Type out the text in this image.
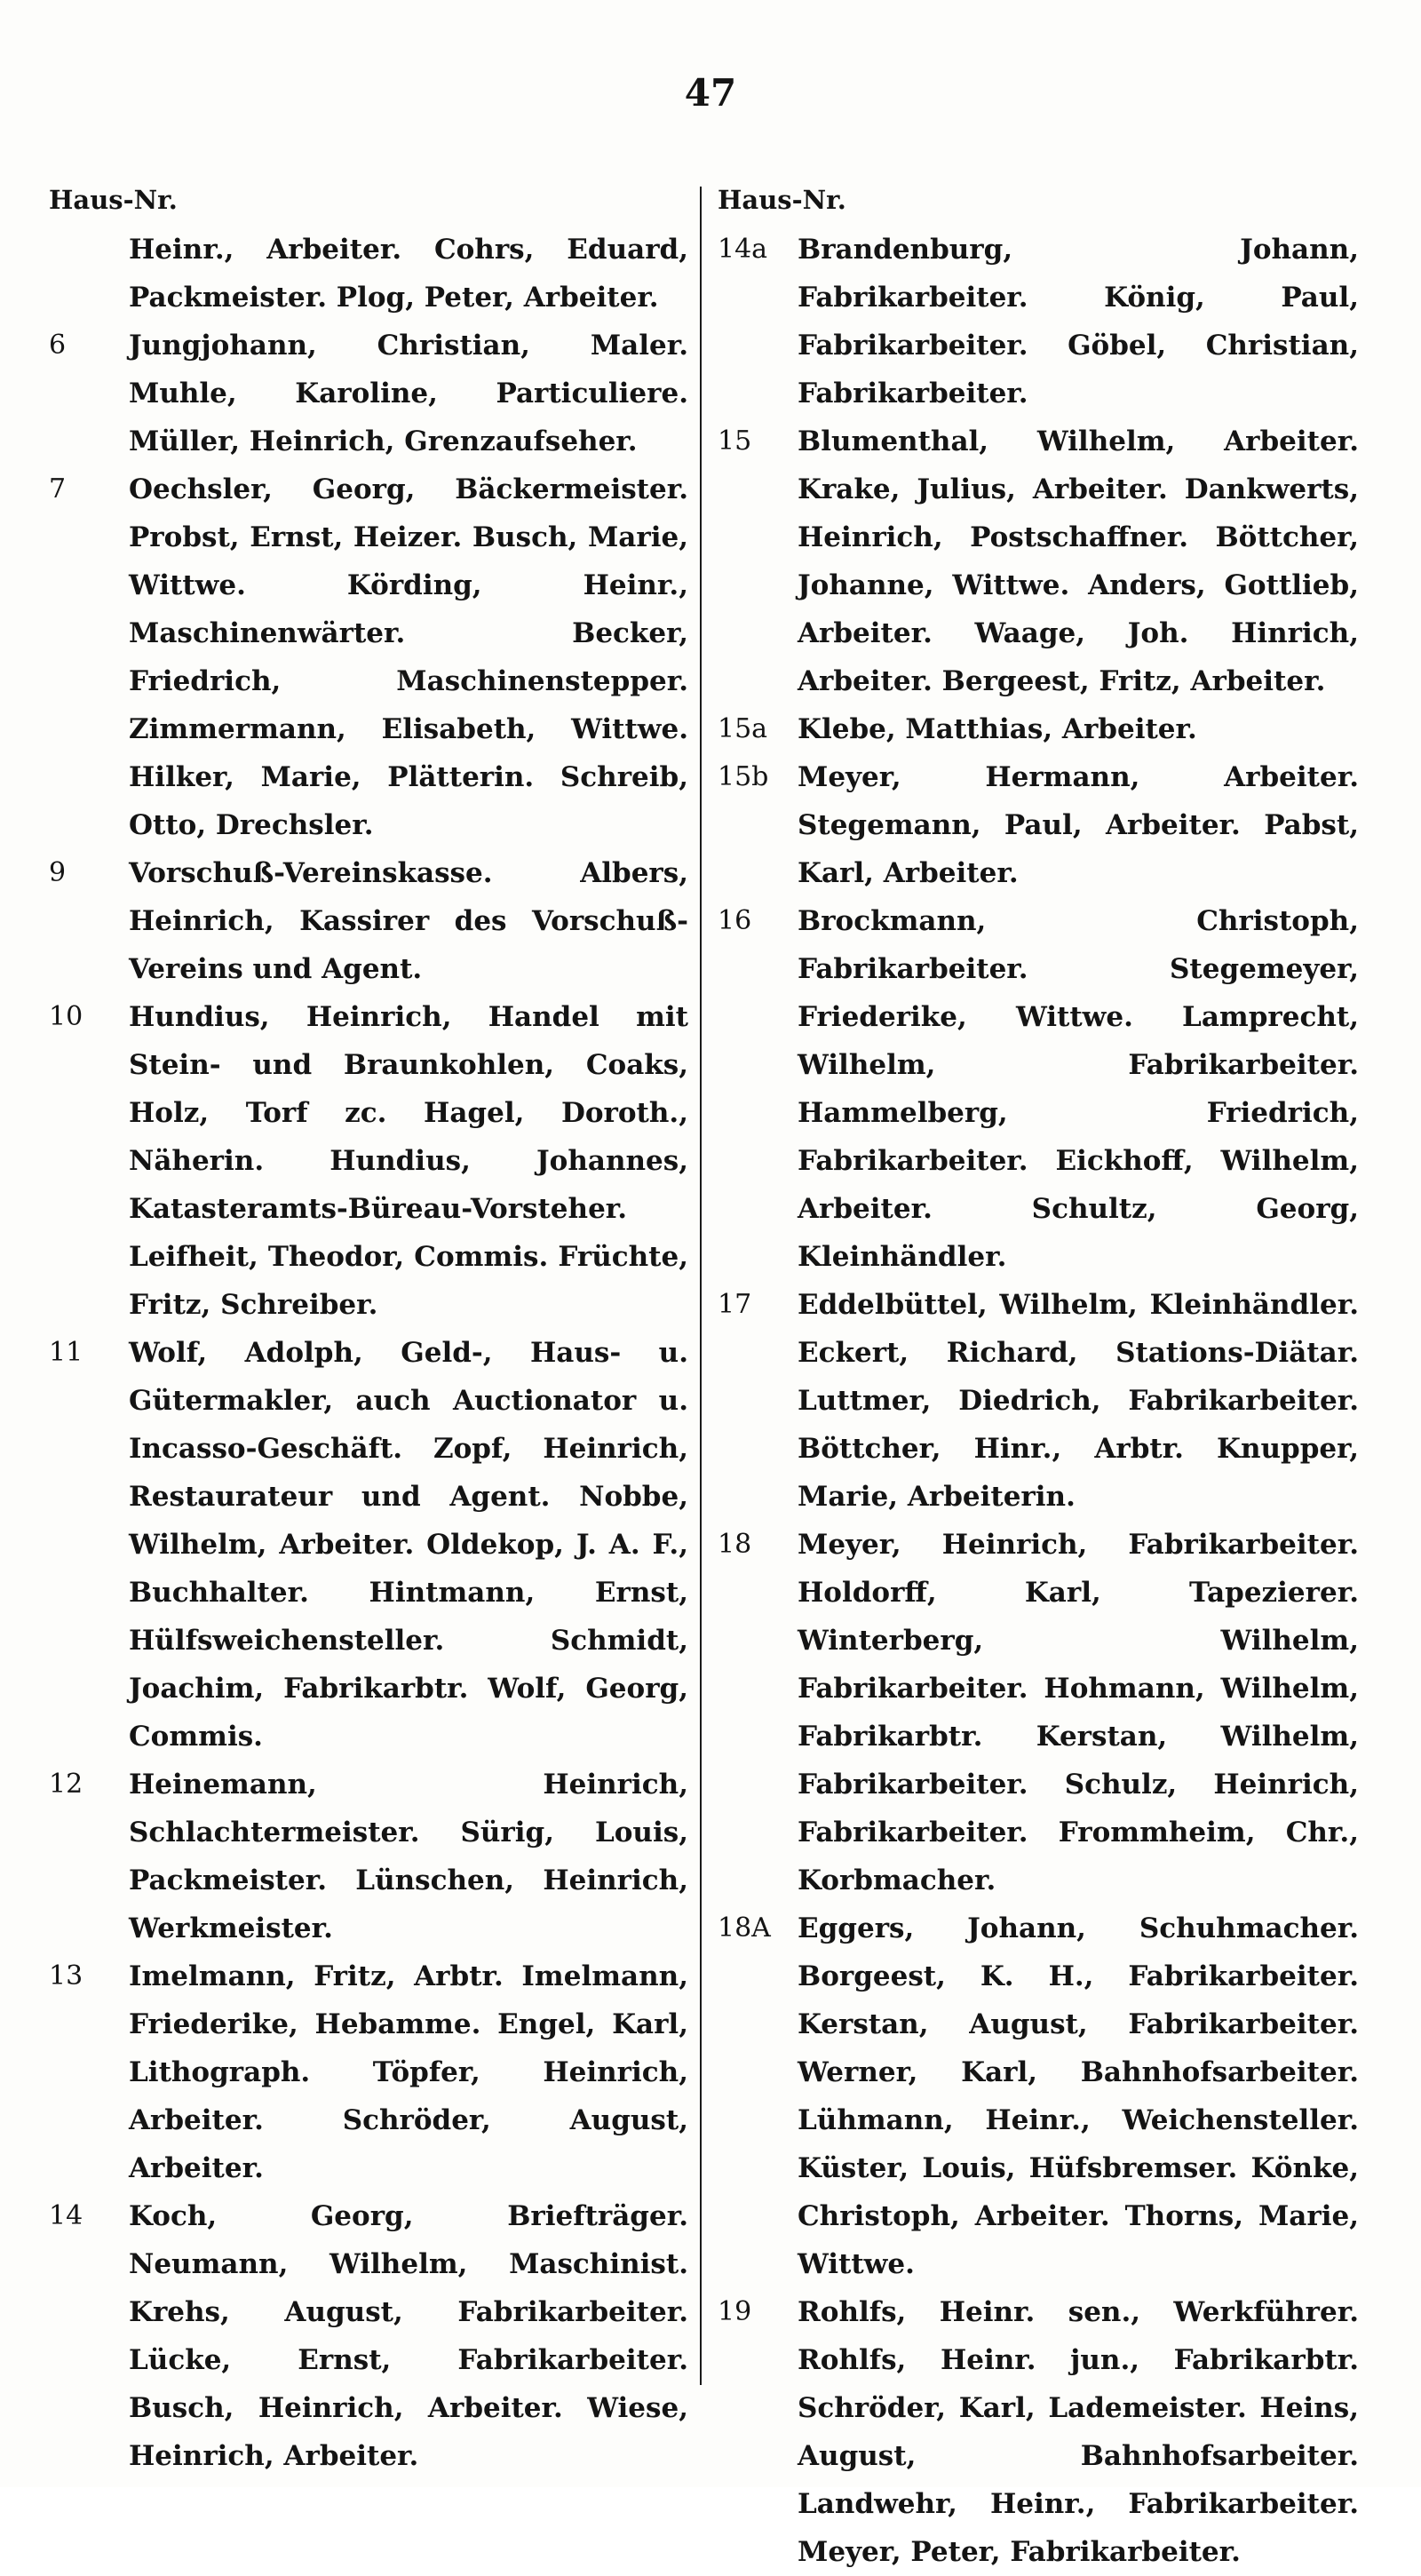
47
Haus-Nr.
Heinr., Arbeiter. Cohrs, Eduard, Packmeister. Plog, Peter, Arbeiter.
6	Jungjohann, Christian, Maler. Muhle, Karoline, Particuliere. Müller, Heinrich, Grenzaufseher.
7	Oechsler, Georg, Bäckermeister. Probst, Ernst, Heizer. Busch, Marie, Wittwe. Körding, Heinr., Maschinenwärter. Becker, Friedrich, Maschinenstepper. Zimmermann, Elisabeth, Wittwe. Hilker, Marie, Plätterin. Schreib, Otto, Drechsler.
9	Vorschuß-Vereinskasse. Albers, Heinrich, Kassirer des Vorschuß-Vereins und Agent.
10	Hundius, Heinrich, Handel mit Stein- und Braunkohlen, Coaks, Holz, Torf zc. Hagel, Doroth., Näherin. Hundius, Johannes, Katasteramts-Büreau-Vorsteher. Leifheit, Theodor, Commis. Früchte, Fritz, Schreiber.
11	Wolf, Adolph, Geld-, Haus- u. Gütermakler, auch Auctionator u. Incasso-Geschäft. Zopf, Heinrich, Restaurateur und Agent. Nobbe, Wilhelm, Arbeiter. Oldekop, J. A. F., Buchhalter. Hintmann, Ernst, Hülfsweichensteller. Schmidt, Joachim, Fabrikarbtr. Wolf, Georg, Commis.
12	Heinemann, Heinrich, Schlachtermeister. Sürig, Louis, Packmeister. Lünschen, Heinrich, Werkmeister.
13	Imelmann, Fritz, Arbtr. Imelmann, Friederike, Hebamme. Engel, Karl, Lithograph. Töpfer, Heinrich, Arbeiter. Schröder, August, Arbeiter.
14	Koch, Georg, Briefträger. Neumann, Wilhelm, Maschinist. Krehs, August, Fabrikarbeiter. Lücke, Ernst, Fabrikarbeiter. Busch, Heinrich, Arbeiter. Wiese, Heinrich, Arbeiter.
Haus-Nr.
14a	Brandenburg, Johann, Fabrikarbeiter. König, Paul, Fabrikarbeiter. Göbel, Christian, Fabrikarbeiter.
15	Blumenthal, Wilhelm, Arbeiter. Krake, Julius, Arbeiter. Dankwerts, Heinrich, Postschaffner. Böttcher, Johanne, Wittwe. Anders, Gottlieb, Arbeiter. Waage, Joh. Hinrich, Arbeiter. Bergeest, Fritz, Arbeiter.
15a	Klebe, Matthias, Arbeiter.
15b	Meyer, Hermann, Arbeiter. Stegemann, Paul, Arbeiter. Pabst, Karl, Arbeiter.
16	Brockmann, Christoph, Fabrikarbeiter. Stegemeyer, Friederike, Wittwe. Lamprecht, Wilhelm, Fabrikarbeiter. Hammelberg, Friedrich, Fabrikarbeiter. Eickhoff, Wilhelm, Arbeiter. Schultz, Georg, Kleinhändler.
17	Eddelbüttel, Wilhelm, Kleinhändler. Eckert, Richard, Stations-Diätar. Luttmer, Diedrich, Fabrikarbeiter. Böttcher, Hinr., Arbtr. Knupper, Marie, Arbeiterin.
18	Meyer, Heinrich, Fabrikarbeiter. Holdorff, Karl, Tapezierer. Winterberg, Wilhelm, Fabrikarbeiter. Hohmann, Wilhelm, Fabrikarbtr. Kerstan, Wilhelm, Fabrikarbeiter. Schulz, Heinrich, Fabrikarbeiter. Frommheim, Chr., Korbmacher.
18A Eggers, Johann, Schuhmacher. Borgeest, K. H., Fabrikarbeiter. Kerstan, August, Fabrikarbeiter. Werner, Karl, Bahnhofsarbeiter. Lühmann, Heinr., Weichensteller. Küster, Louis, Hüfsbremser. Könke, Christoph, Arbeiter. Thorns, Marie, Wittwe.
19	Rohlfs, Heinr. sen., Werkführer. Rohlfs, Heinr. jun., Fabrikarbtr. Schröder, Karl, Lademeister. Heins, August, Bahnhofsarbeiter. Landwehr, Heinr., Fabrikarbeiter. Meyer, Peter, Fabrikarbeiter.
